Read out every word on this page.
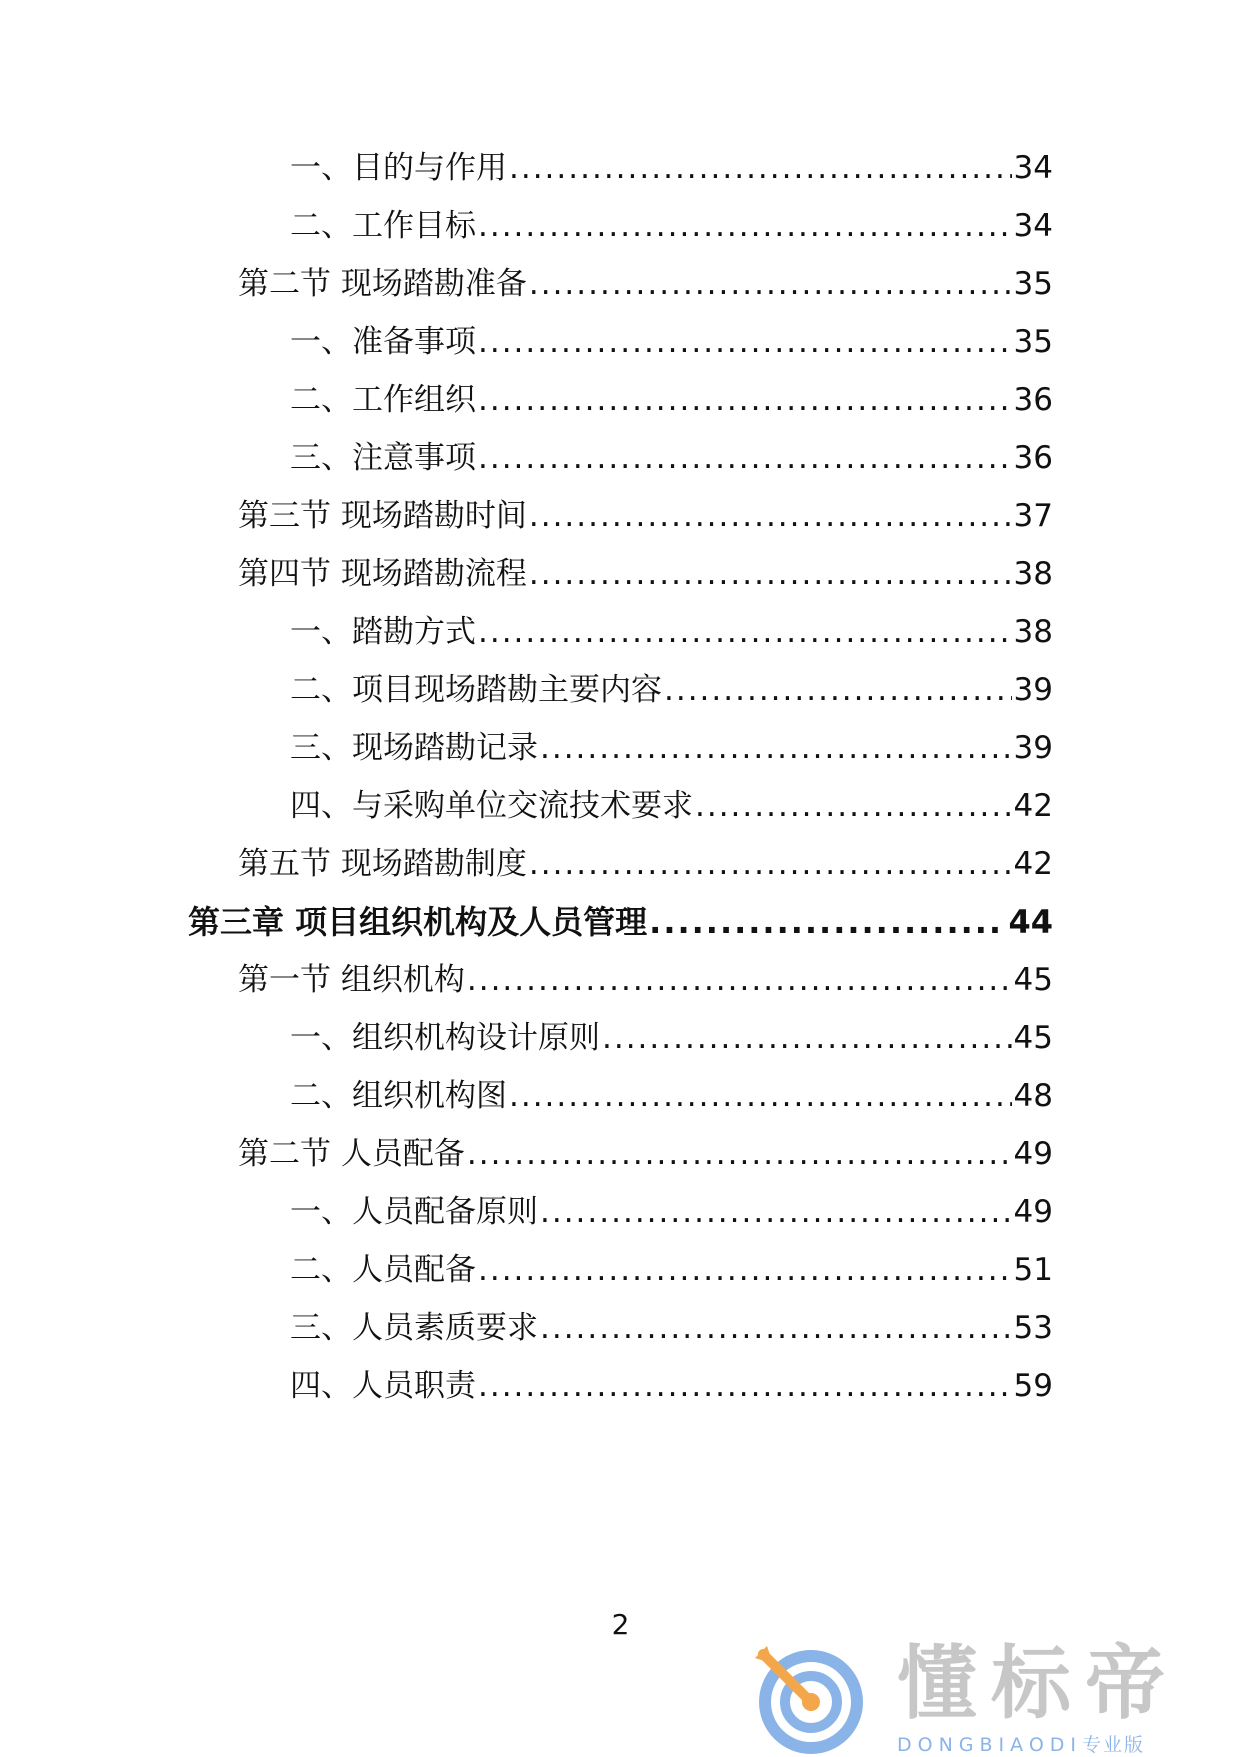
一、目的与作用 .....	34
二、工作目标 .....	34
第二节 现场踏勘准备 .....	35
一、准备事项 .....	35
二、工作组织 .....	36
三、注意事项 .....	36
第三节 现场踏勘时间 .....	37
第四节 现场踏勘流程 .....	38
一、踏勘方式 .....	38
二、项目现场踏勘主要内容 .....	39
三、现场踏勘记录 .....	39
四、与采购单位交流技术要求 .....	42
第五节 现场踏勘制度 .....	42
第三章 项目组织机构及人员管理 .....	44
第一节 组织机构 .....	45
一、组织机构设计原则 .....	45
二、组织机构图 .....	48
第二节 人员配备 .....	49
一、人员配备原则 .....	49
二、人员配备 .....	51
三、人员素质要求 .....	53
四、人员职责 .....	59
2
懂标帝
DONGBIAODI专业版
